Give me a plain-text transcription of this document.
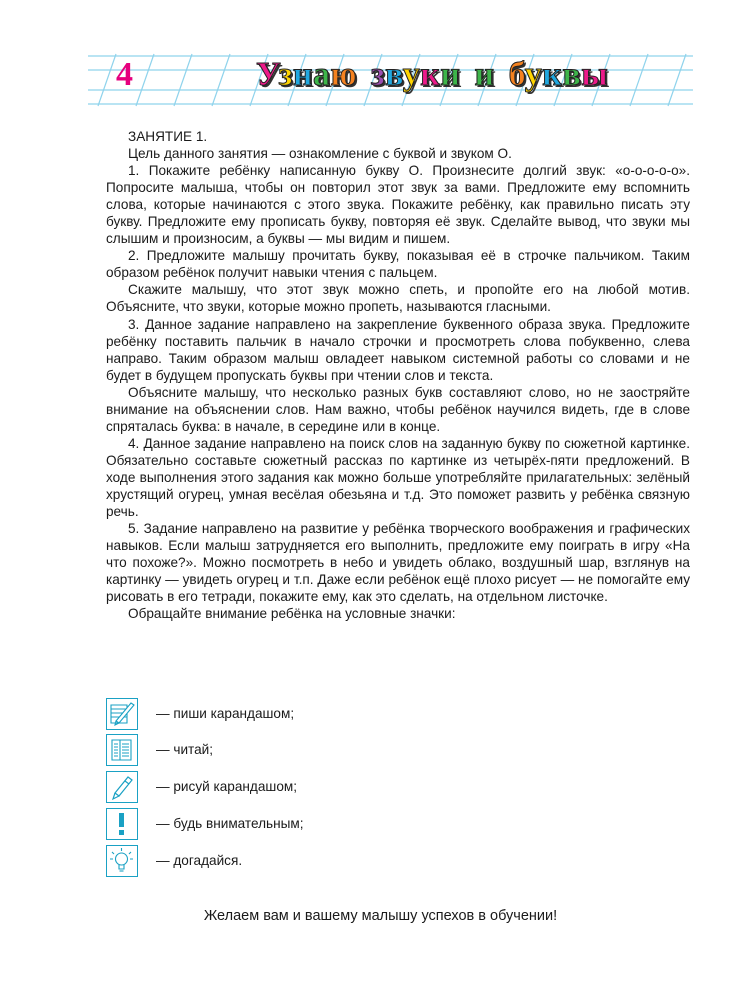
4	Узнаю звуки и буквы

ЗАНЯТИЕ 1.

Цель данного занятия — ознакомление с буквой и звуком О.

1. Покажите ребёнку написанную букву О. Произнесите долгий звук: «о-о-о-о-о». Попросите малыша, чтобы он повторил этот звук за вами. Предложите ему вспомнить слова, которые начинаются с этого звука. Покажите ребёнку, как правильно писать эту букву. Предложите ему прописать букву, повторяя её звук. Сделайте вывод, что звуки мы слышим и произносим, а буквы — мы видим и пишем.

2. Предложите малышу прочитать букву, показывая её в строчке пальчиком. Таким образом ребёнок получит навыки чтения с пальцем.

Скажите малышу, что этот звук можно спеть, и пропойте его на любой мотив. Объясните, что звуки, которые можно пропеть, называются гласными.

3. Данное задание направлено на закрепление буквенного образа звука. Предложите ребёнку поставить пальчик в начало строчки и просмотреть слова побуквенно, слева направо. Таким образом малыш овладеет навыком системной работы со словами и не будет в будущем пропускать буквы при чтении слов и текста.

Объясните малышу, что несколько разных букв составляют слово, но не заостряйте внимание на объяснении слов. Нам важно, чтобы ребёнок научился видеть, где в слове спряталась буква: в начале, в середине или в конце.

4. Данное задание направлено на поиск слов на заданную букву по сюжетной картинке. Обязательно составьте сюжетный рассказ по картинке из четырёх-пяти предложений. В ходе выполнения этого задания как можно больше употребляйте прилагательных: зелёный хрустящий огурец, умная весёлая обезьяна и т.д. Это поможет развить у ребёнка связную речь.

5. Задание направлено на развитие у ребёнка творческого воображения и графических навыков. Если малыш затрудняется его выполнить, предложите ему поиграть в игру «На что похоже?». Можно посмотреть в небо и увидеть облако, воздушный шар, взглянув на картинку — увидеть огурец и т.п. Даже если ребёнок ещё плохо рисует — не помогайте ему рисовать в его тетради, покажите ему, как это сделать, на отдельном листочке.

Обращайте внимание ребёнка на условные значки:

— пиши карандашом;
— читай;
— рисуй карандашом;
— будь внимательным;
— догадайся.
Желаем вам и вашему малышу успехов в обучении!
